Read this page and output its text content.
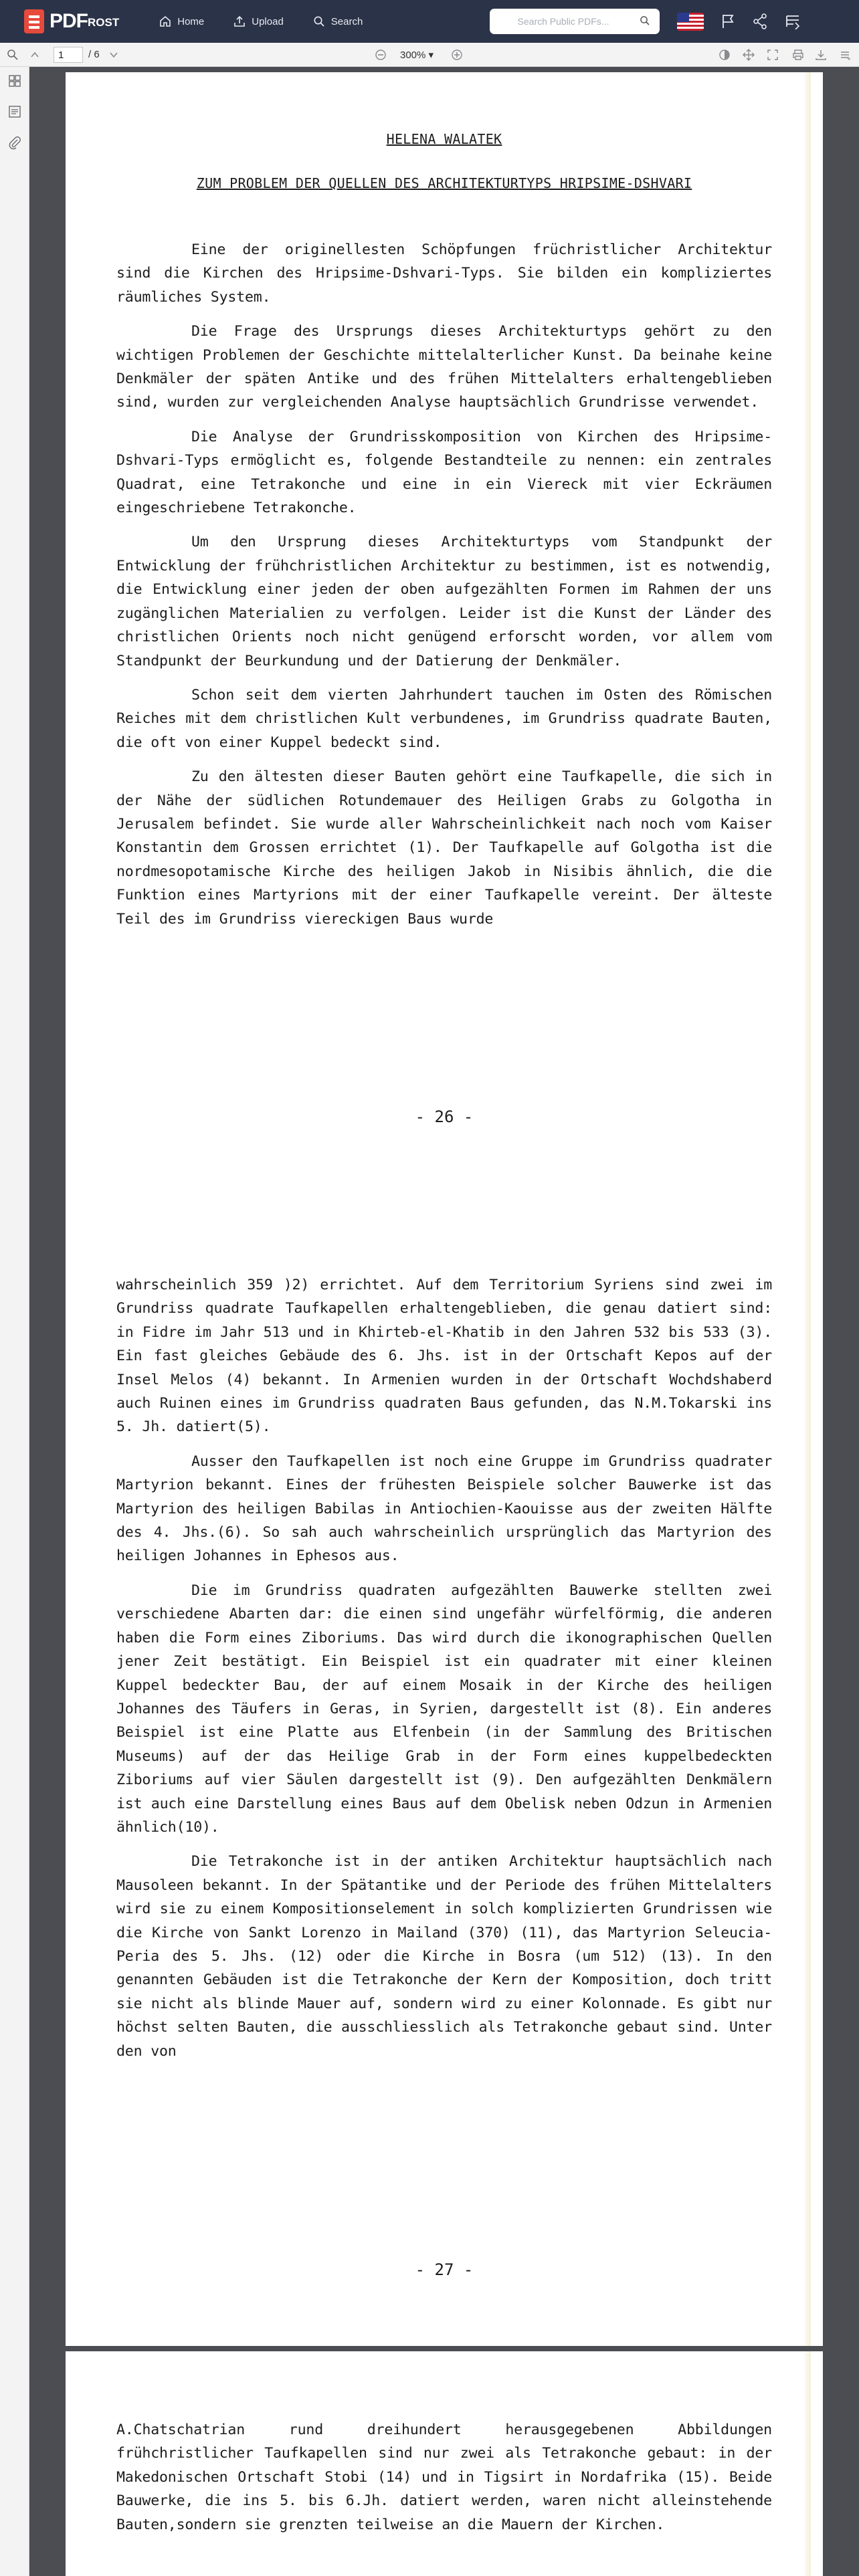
PDFROST	Home	Upload	Search
Search Public PDFs...
1
/ 6	300% ▾
HELENA WALATEK
ZUM PROBLEM DER QUELLEN DES ARCHITEKTURTYPS HRIPSIME-DSHVARI

Eine der originellesten Schöpfungen früchristlicher Architektur sind die Kirchen des Hripsime-Dshvari-Typs. Sie bilden ein kompliziertes räumliches System.

Die Frage des Ursprungs dieses Architekturtyps gehört zu den wichtigen Problemen der Geschichte mittelalterlicher Kunst. Da beinahe keine Denkmäler der späten Antike und des frühen Mittelalters erhaltengeblieben sind, wurden zur vergleichenden Analyse hauptsächlich Grundrisse verwendet.

Die Analyse der Grundrisskomposition von Kirchen des Hripsime-Dshvari-Typs ermöglicht es, folgende Bestandteile zu nennen: ein zentrales Quadrat, eine Tetrakonche und eine in ein Viereck mit vier Eckräumen eingeschriebene Tetrakonche.

Um den Ursprung dieses Architekturtyps vom Standpunkt der Entwicklung der frühchristlichen Architektur zu bestimmen, ist es notwendig, die Entwicklung einer jeden der oben aufgezählten Formen im Rahmen der uns zugänglichen Materialien zu verfolgen. Leider ist die Kunst der Länder des christlichen Orients noch nicht genügend erforscht worden, vor allem vom Standpunkt der Beurkundung und der Datierung der Denkmäler.

Schon seit dem vierten Jahrhundert tauchen im Osten des Römischen Reiches mit dem christlichen Kult verbundenes, im Grundriss quadrate Bauten, die oft von einer Kuppel bedeckt sind.

Zu den ältesten dieser Bauten gehört eine Taufkapelle, die sich in der Nähe der südlichen Rotundemauer des Heiligen Grabs zu Golgotha in Jerusalem befindet. Sie wurde aller Wahrscheinlichkeit nach noch vom Kaiser Konstantin dem Grossen errichtet (1). Der Taufkapelle auf Golgotha ist die nordmesopotamische Kirche des heiligen Jakob in Nisibis ähnlich, die die Funktion eines Martyrions mit der einer Taufkapelle vereint. Der älteste Teil des im Grundriss viereckigen Baus wurde

- 26 -

wahrscheinlich 359 )2) errichtet. Auf dem Territorium Syriens sind zwei im Grundriss quadrate Taufkapellen erhaltengeblieben, die genau datiert sind: in Fidre im Jahr 513 und in Khirteb-el-Khatib in den Jahren 532 bis 533 (3). Ein fast gleiches Gebäude des 6. Jhs. ist in der Ortschaft Kepos auf der Insel Melos (4) bekannt. In Armenien wurden in der Ortschaft Wochdshaberd auch Ruinen eines im Grundriss quadraten Baus gefunden, das N.M.Tokarski ins 5. Jh. datiert(5).

Ausser den Taufkapellen ist noch eine Gruppe im Grundriss quadrater Martyrion bekannt. Eines der frühesten Beispiele solcher Bauwerke ist das Martyrion des heiligen Babilas in Antiochien-Kaouisse aus der zweiten Hälfte des 4. Jhs.(6). So sah auch wahrscheinlich ursprünglich das Martyrion des heiligen Johannes in Ephesos aus.

Die im Grundriss quadraten aufgezählten Bauwerke stellten zwei verschiedene Abarten dar: die einen sind ungefähr würfelförmig, die anderen haben die Form eines Ziboriums. Das wird durch die ikonographischen Quellen jener Zeit bestätigt. Ein Beispiel ist ein quadrater mit einer kleinen Kuppel bedeckter Bau, der auf einem Mosaik in der Kirche des heiligen Johannes des Täufers in Geras, in Syrien, dargestellt ist (8). Ein anderes Beispiel ist eine Platte aus Elfenbein (in der Sammlung des Britischen Museums) auf der das Heilige Grab in der Form eines kuppelbedeckten Ziboriums auf vier Säulen dargestellt ist (9). Den aufgezählten Denkmälern ist auch eine Darstellung eines Baus auf dem Obelisk neben Odzun in Armenien ähnlich(10).

Die Tetrakonche ist in der antiken Architektur hauptsächlich nach Mausoleen bekannt. In der Spätantike und der Periode des frühen Mittelalters wird sie zu einem Kompositionselement in solch komplizierten Grundrissen wie die Kirche von Sankt Lorenzo in Mailand (370) (11), das Martyrion Seleucia-Peria des 5. Jhs. (12) oder die Kirche in Bosra (um 512) (13). In den genannten Gebäuden ist die Tetrakonche der Kern der Komposition, doch tritt sie nicht als blinde Mauer auf, sondern wird zu einer Kolonnade. Es gibt nur höchst selten Bauten, die ausschliesslich als Tetrakonche gebaut sind. Unter den von

- 27 -

A.Chatschatrian rund dreihundert herausgegebenen Abbildungen frühchristlicher Taufkapellen sind nur zwei als Tetrakonche gebaut: in der Makedonischen Ortschaft Stobi (14) und in Tigsirt in Nordafrika (15). Beide Bauwerke, die ins 5. bis 6.Jh. datiert werden, waren nicht alleinstehende Bauten,sondern sie grenzten teilweise an die Mauern der Kirchen.
